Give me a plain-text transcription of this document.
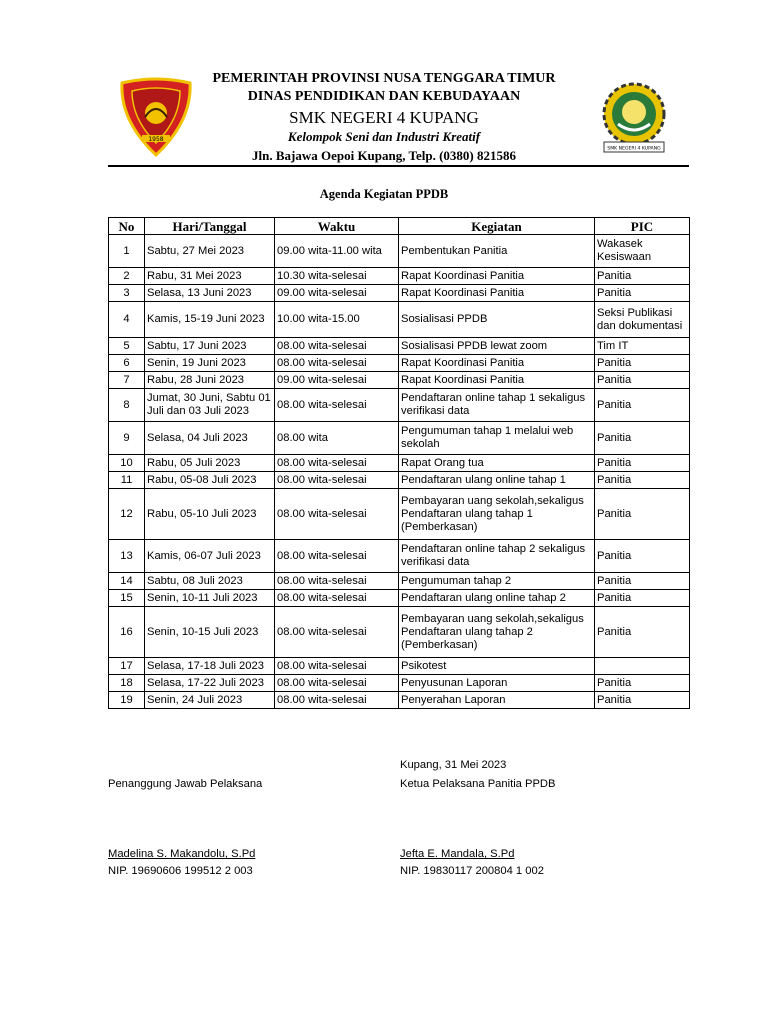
1958
SMK NEGERI 4 KUPANG
PEMERINTAH PROVINSI NUSA TENGGARA TIMUR
DINAS PENDIDIKAN DAN KEBUDAYAAN
SMK NEGERI 4 KUPANG
Kelompok Seni dan Industri Kreatif
Jln. Bajawa Oepoi Kupang, Telp. (0380) 821586
Agenda Kegiatan PPDB
No	Hari/Tanggal	Waktu	Kegiatan	PIC
1	Sabtu, 27 Mei 2023	09.00 wita-11.00 wita	Pembentukan Panitia	Wakasek Kesiswaan
2	Rabu, 31 Mei 2023	10.30 wita-selesai	Rapat Koordinasi Panitia	Panitia
3	Selasa, 13 Juni 2023	09.00 wita-selesai	Rapat Koordinasi Panitia	Panitia
4	Kamis, 15-19 Juni 2023	10.00 wita-15.00	Sosialisasi PPDB	Seksi Publikasi dan dokumentasi
5	Sabtu, 17 Juni 2023	08.00 wita-selesai	Sosialisasi PPDB lewat zoom	Tim IT
6	Senin, 19 Juni 2023	08.00 wita-selesai	Rapat Koordinasi Panitia	Panitia
7	Rabu, 28 Juni 2023	09.00 wita-selesai	Rapat Koordinasi Panitia	Panitia
8	Jumat, 30 Juni, Sabtu 01 Juli dan 03 Juli 2023	08.00 wita-selesai	Pendaftaran online tahap 1 sekaligus verifikasi data	Panitia
9	Selasa, 04 Juli 2023	08.00 wita	Pengumuman tahap 1 melalui web sekolah	Panitia
10	Rabu, 05 Juli 2023	08.00 wita-selesai	Rapat Orang tua	Panitia
11	Rabu, 05-08 Juli 2023	08.00 wita-selesai	Pendaftaran ulang online tahap 1	Panitia
12	Rabu, 05-10 Juli 2023	08.00 wita-selesai	Pembayaran uang sekolah,sekaligus Pendaftaran ulang tahap 1 (Pemberkasan)	Panitia
13	Kamis, 06-07 Juli 2023	08.00 wita-selesai	Pendaftaran online tahap 2 sekaligus verifikasi data	Panitia
14	Sabtu, 08 Juli 2023	08.00 wita-selesai	Pengumuman tahap 2	Panitia
15	Senin, 10-11 Juli 2023	08.00 wita-selesai	Pendaftaran ulang online tahap 2	Panitia
16	Senin, 10-15 Juli 2023	08.00 wita-selesai	Pembayaran uang sekolah,sekaligus Pendaftaran ulang tahap 2 (Pemberkasan)	Panitia
17	Selasa, 17-18 Juli 2023	08.00 wita-selesai	Psikotest	
18	Selasa, 17-22 Juli 2023	08.00 wita-selesai	Penyusunan Laporan	Panitia
19	Senin, 24 Juli 2023	08.00 wita-selesai	Penyerahan Laporan	Panitia
Kupang, 31 Mei 2023
Penanggung Jawab Pelaksana	Ketua Pelaksana Panitia PPDB
Madelina S. Makandolu, S.Pd
NIP. 19690606 199512 2 003
Jefta E. Mandala, S.Pd
NIP. 19830117 200804 1 002
